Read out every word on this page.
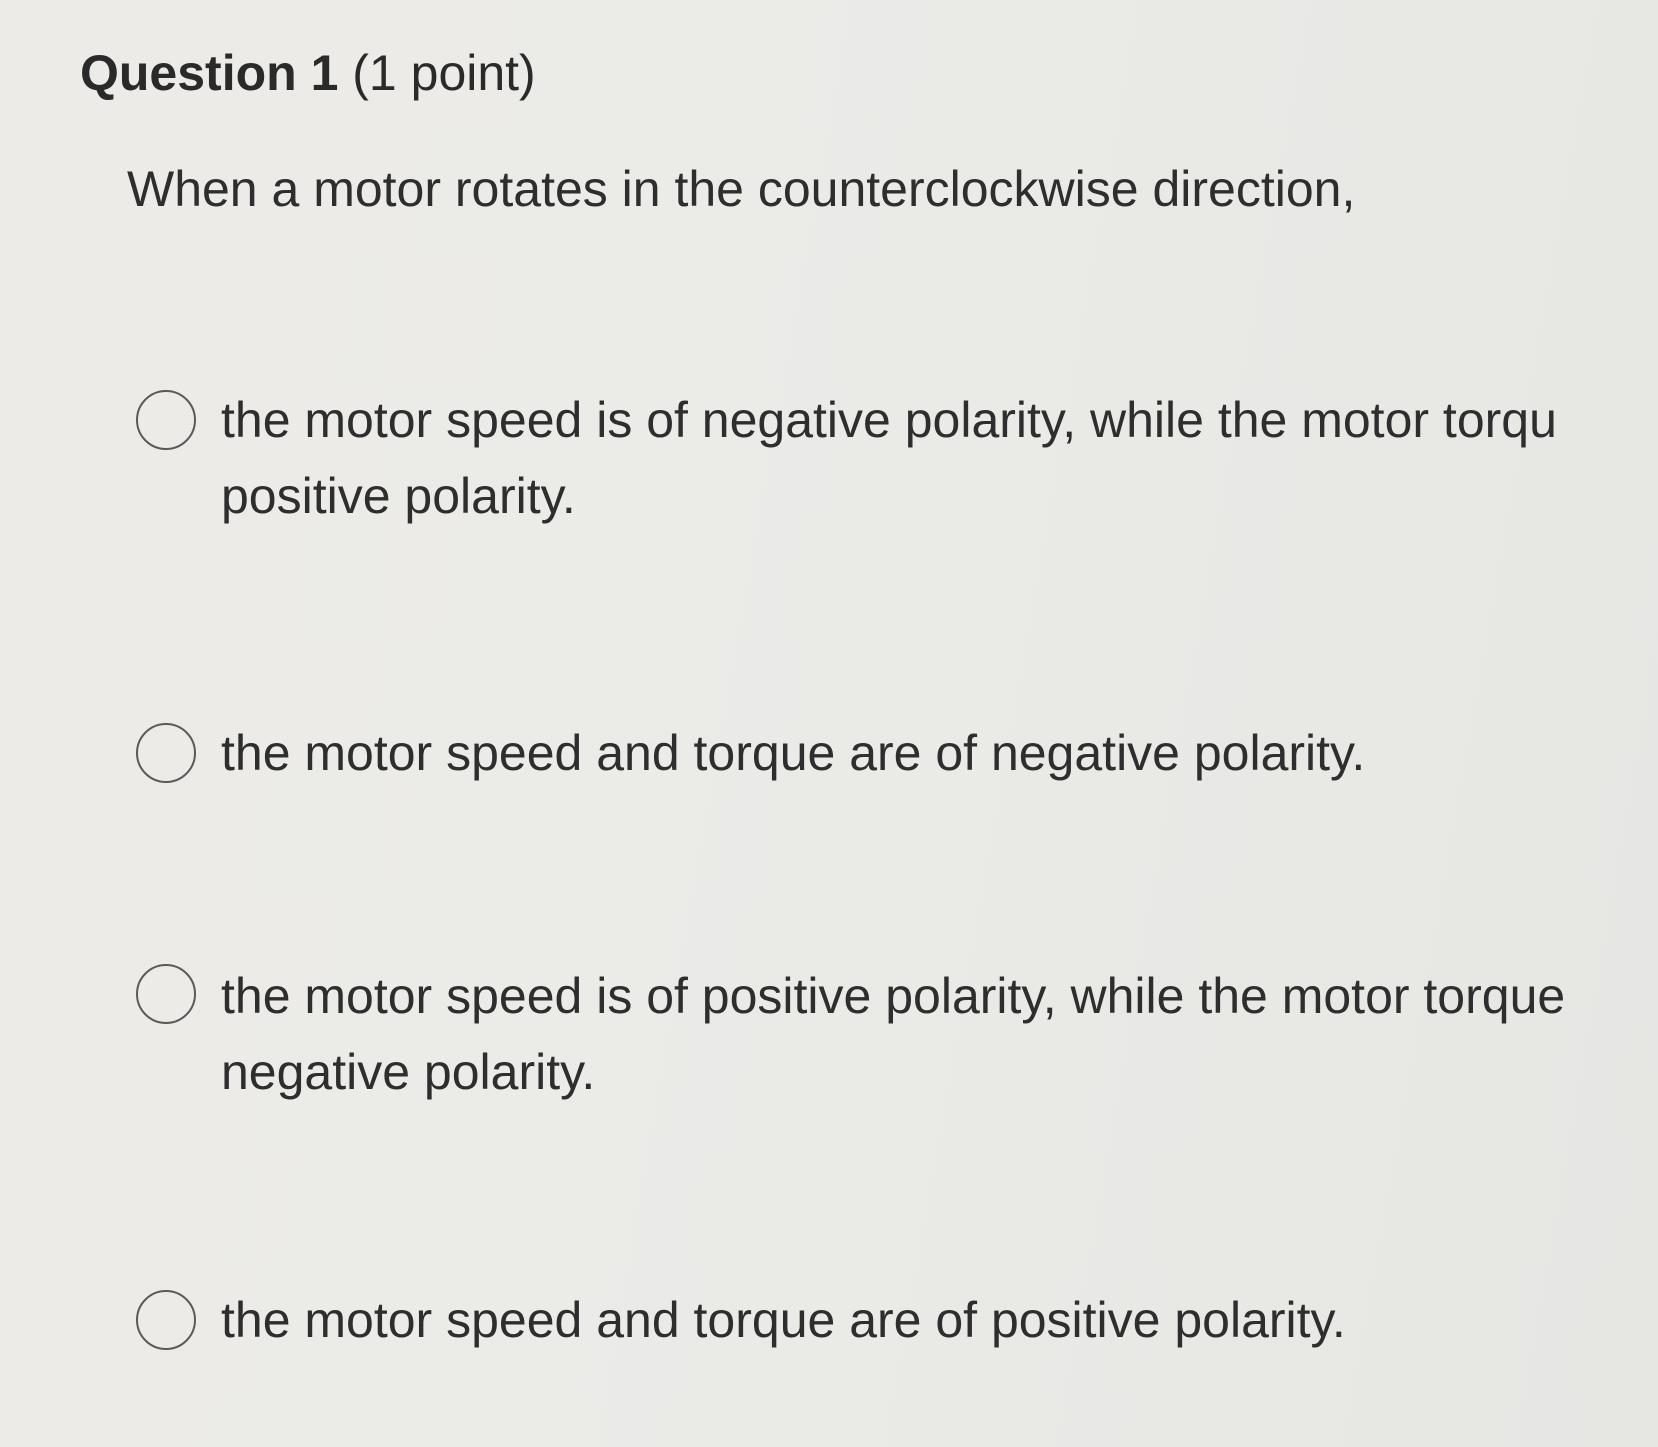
Question 1 (1 point)

When a motor rotates in the counterclockwise direction,

the motor speed is of negative polarity, while the motor torqu
positive polarity.
the motor speed and torque are of negative polarity.
the motor speed is of positive polarity, while the motor torque
negative polarity.
the motor speed and torque are of positive polarity.
